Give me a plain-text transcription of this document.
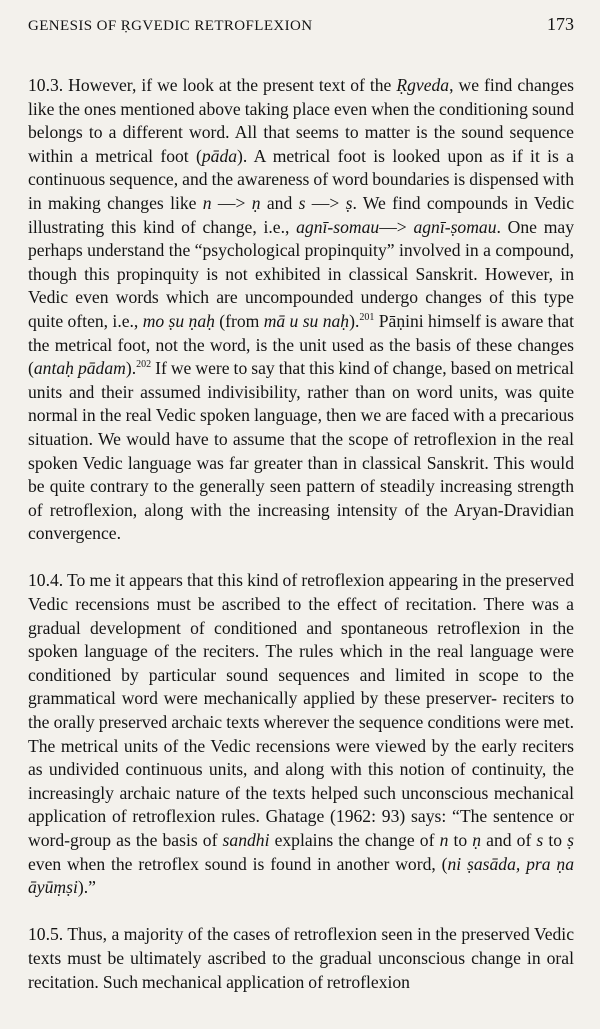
GENESIS OF ṚGVEDIC RETROFLEXION	173

10.3. However, if we look at the present text of the Ṛgveda, we find changes like the ones mentioned above taking place even when the conditioning sound belongs to a different word. All that seems to matter is the sound sequence within a metrical foot (pāda). A metrical foot is looked upon as if it is a continuous sequence, and the awareness of word boundaries is dispensed with in making changes like n —> ṇ and s —> ṣ. We find compounds in Vedic illustrating this kind of change, i.e., agnī-somau—> agnī-ṣomau. One may perhaps understand the “psychological propinquity” involved in a compound, though this propinquity is not exhibited in classical Sanskrit. However, in Vedic even words which are uncompounded undergo changes of this type quite often, i.e., mo ṣu ṇaḥ (from mā u su naḥ).$^{201}$ Pāṇini himself is aware that the metrical foot, not the word, is the unit used as the basis of these changes (antaḥ pādam).$^{202}$ If we were to say that this kind of change, based on metrical units and their assumed indivisibility, rather than on word units, was quite normal in the real Vedic spoken language, then we are faced with a precarious situation. We would have to assume that the scope of retroflexion in the real spoken Vedic language was far greater than in classical Sanskrit. This would be quite contrary to the generally seen pattern of steadily increasing strength of retroflexion, along with the increasing intensity of the Aryan-Dravidian convergence.

10.4. To me it appears that this kind of retroflexion appearing in the preserved Vedic recensions must be ascribed to the effect of recitation. There was a gradual development of conditioned and spontaneous retroflexion in the spoken language of the reciters. The rules which in the real language were conditioned by particular sound sequences and limited in scope to the grammatical word were mechanically applied by these preserver- reciters to the orally preserved archaic texts wherever the sequence conditions were met. The metrical units of the Vedic recensions were viewed by the early reciters as undivided continuous units, and along with this notion of continuity, the increasingly archaic nature of the texts helped such unconscious mechanical application of retroflexion rules. Ghatage (1962: 93) says: “The sentence or word-group as the basis of sandhi explains the change of n to ṇ and of s to ṣ even when the retroflex sound is found in another word, (ni ṣasāda, pra ṇa āyūṃṣi).”

10.5. Thus, a majority of the cases of retroflexion seen in the preserved Vedic texts must be ultimately ascribed to the gradual unconscious change in oral recitation. Such mechanical application of retroflexion
